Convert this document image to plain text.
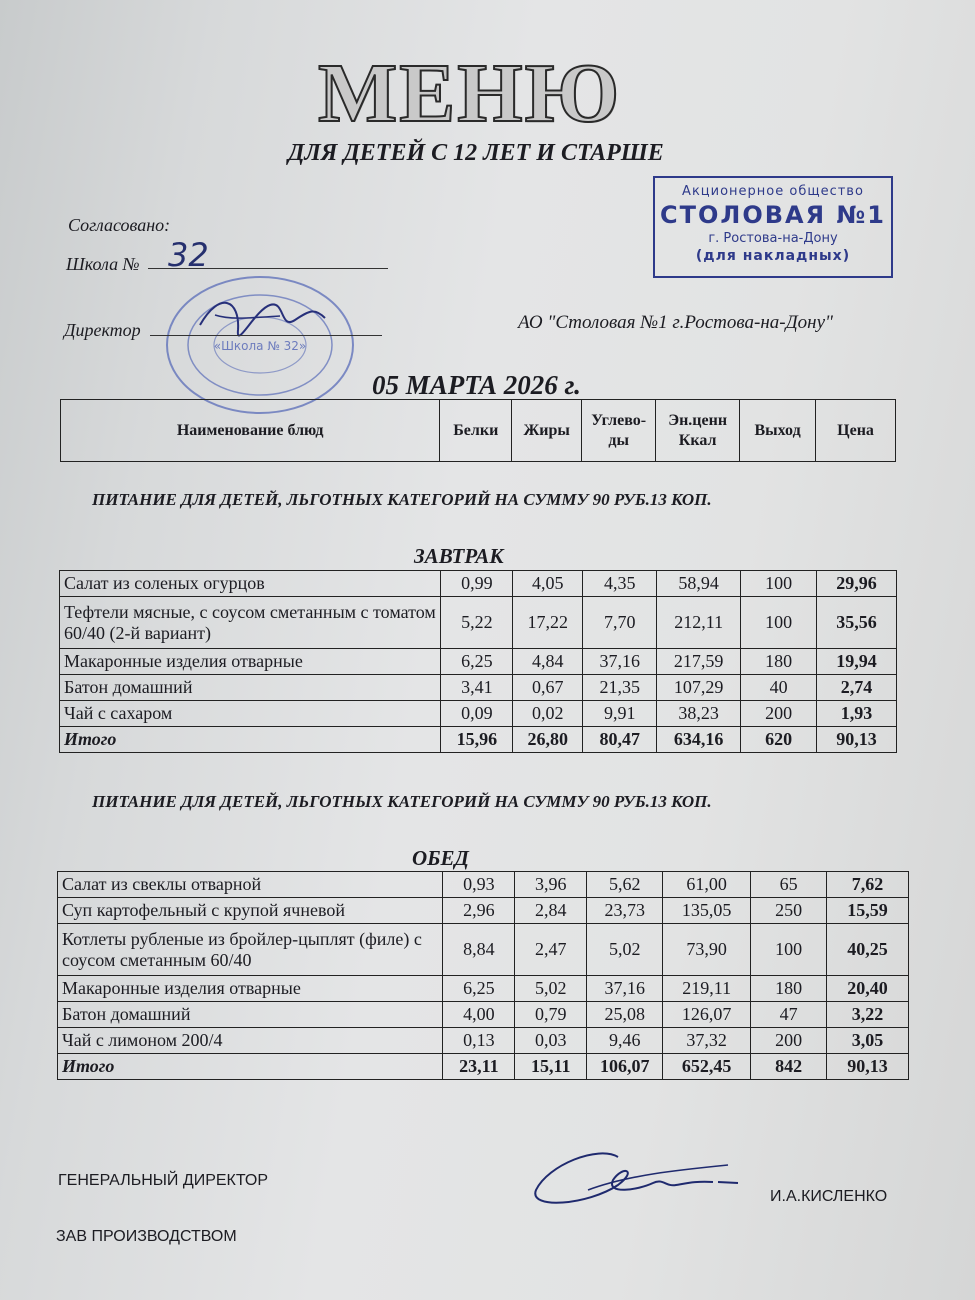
МЕНЮ
ДЛЯ ДЕТЕЙ С 12 ЛЕТ И СТАРШЕ
Акционерное общество
СТОЛОВАЯ №1
г. Ростова-на-Дону
(для накладных)
Согласовано:
Школа № 32
«Школа № 32»
Директор	АО "Столовая №1 г.Ростова-на-Дону"
05 МАРТА 2026 г.
Наименование блюд	Белки	Жиры	Углево-ды	Эн.ценн Ккал	Выход	Цена
ПИТАНИЕ ДЛЯ ДЕТЕЙ, ЛЬГОТНЫХ КАТЕГОРИЙ НА СУММУ 90 РУБ.13 КОП.
ЗАВТРАК
Салат из соленых огурцов	0,99	4,05	4,35	58,94	100	29,96
Тефтели мясные, с соусом сметанным с томатом 60/40 (2-й вариант)	5,22	17,22	7,70	212,11	100	35,56
Макаронные изделия отварные	6,25	4,84	37,16	217,59	180	19,94
Батон домашний	3,41	0,67	21,35	107,29	40	2,74
Чай с сахаром	0,09	0,02	9,91	38,23	200	1,93
Итого	15,96	26,80	80,47	634,16	620	90,13
ПИТАНИЕ ДЛЯ ДЕТЕЙ, ЛЬГОТНЫХ КАТЕГОРИЙ НА СУММУ 90 РУБ.13 КОП.
ОБЕД
Салат из свеклы отварной	0,93	3,96	5,62	61,00	65	7,62
Суп картофельный с крупой ячневой	2,96	2,84	23,73	135,05	250	15,59
Котлеты рубленые из бройлер-цыплят (филе) с соусом сметанным 60/40	8,84	2,47	5,02	73,90	100	40,25
Макаронные изделия отварные	6,25	5,02	37,16	219,11	180	20,40
Батон домашний	4,00	0,79	25,08	126,07	47	3,22
Чай с лимоном 200/4	0,13	0,03	9,46	37,32	200	3,05
Итого	23,11	15,11	106,07	652,45	842	90,13
ГЕНЕРАЛЬНЫЙ ДИРЕКТОР
И.А.КИСЛЕНКО
ЗАВ ПРОИЗВОДСТВОМ
